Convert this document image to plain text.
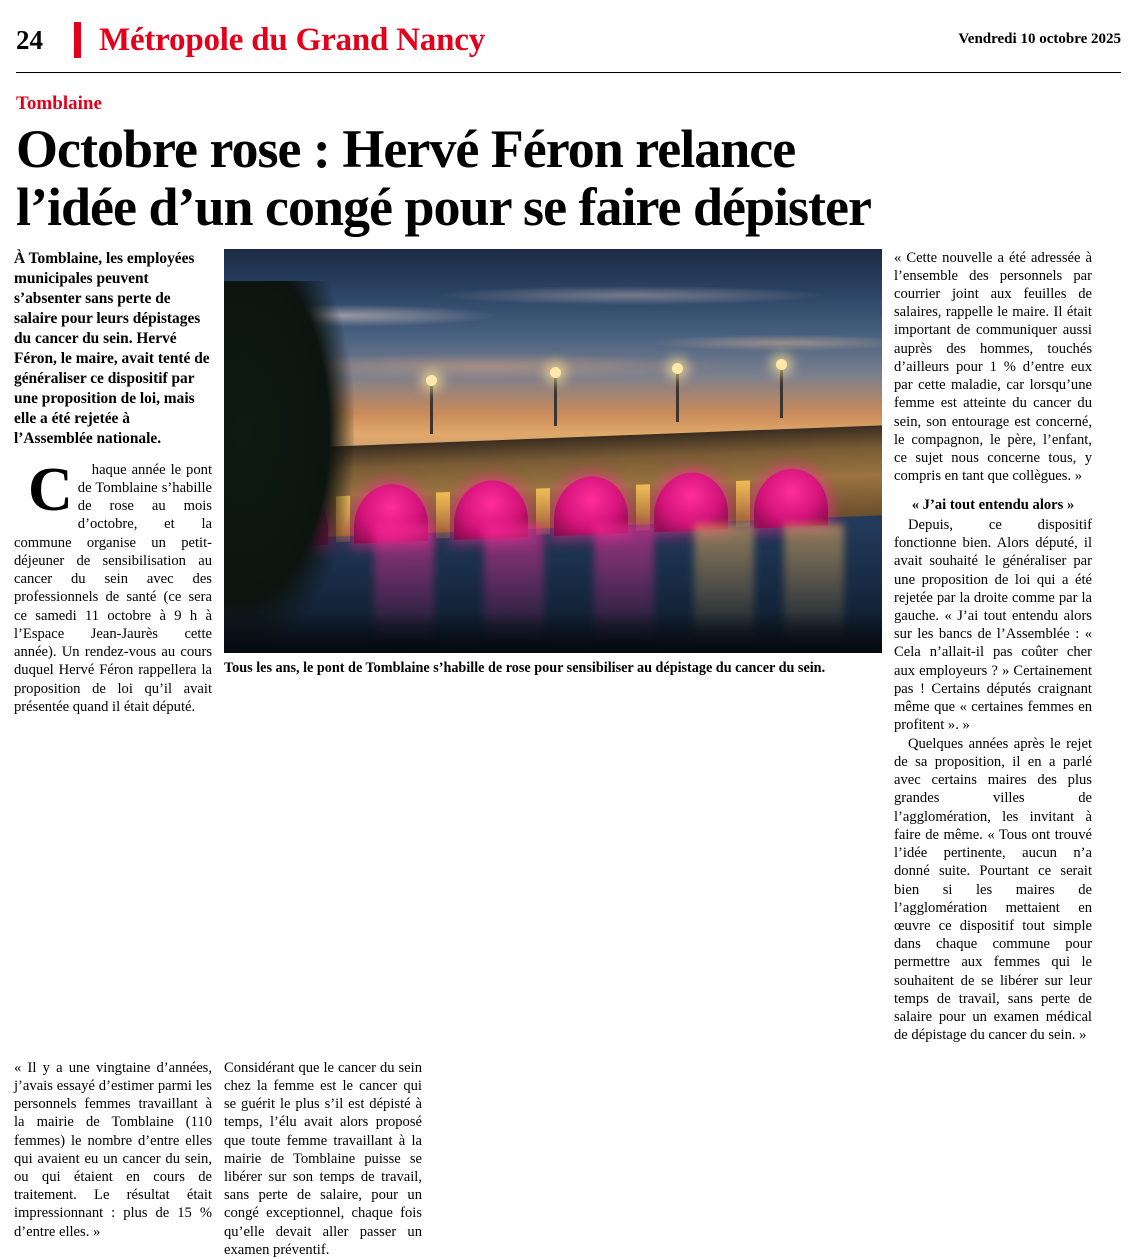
24	Métropole du Grand Nancy	Vendredi 10 octobre 2025
Tomblaine
Octobre rose : Hervé Féron relance
l’idée d’un congé pour se faire dépister

À Tomblaine, les employées municipales peuvent s’absenter sans perte de salaire pour leurs dépistages du cancer du sein. Hervé Féron, le maire, avait tenté de généraliser ce dispositif par une proposition de loi, mais elle a été rejetée à l’Assemblée nationale.

C	haque année le pont de Tomblaine s’habille de rose au mois d’octobre, et la commune organise un petit-déjeuner de sensibilisation au cancer du sein avec des professionnels de santé (ce sera ce samedi 11 octobre à 9 h à l’Espace Jean-Jaurès cette année). Un rendez-vous au cours duquel Hervé Féron rappellera la proposition de loi qu’il avait présentée quand il était député.

Tous les ans, le pont de Tomblaine s’habille de rose pour sensibiliser au dépistage du cancer du sein.

« Cette nouvelle a été adressée à l’ensemble des personnels par courrier joint aux feuilles de salaires, rappelle le maire. Il était important de communiquer aussi auprès des hommes, touchés d’ailleurs pour 1 % d’entre eux par cette maladie, car lorsqu’une femme est atteinte du cancer du sein, son entourage est concerné, le compagnon, le père, l’enfant, ce sujet nous concerne tous, y compris en tant que collègues. »

« J’ai tout entendu alors »

Depuis, ce dispositif fonctionne bien. Alors député, il avait souhaité le généraliser par une proposition de loi qui a été rejetée par la droite comme par la gauche. « J’ai tout entendu alors sur les bancs de l’Assemblée : « Cela n’allait-il pas coûter cher aux employeurs ? » Certainement pas ! Certains députés craignant même que « certaines femmes en profitent ». »

Quelques années après le rejet de sa proposition, il en a parlé avec certains maires des plus grandes villes de l’agglomération, les invitant à faire de même. « Tous ont trouvé l’idée pertinente, aucun n’a donné suite. Pourtant ce serait bien si les maires de l’agglomération mettaient en œuvre ce dispositif tout simple dans chaque commune pour permettre aux femmes qui le souhaitent de se libérer sur leur temps de travail, sans perte de salaire pour un examen médical de dépistage du cancer du sein. »

« Il y a une vingtaine d’années, j’avais essayé d’estimer parmi les personnels femmes travaillant à la mairie de Tomblaine (110 femmes) le nombre d’entre elles qui avaient eu un cancer du sein, ou qui étaient en cours de traitement. Le résultat était impressionnant : plus de 15 % d’entre elles. »

Considérant que le cancer du sein chez la femme est le cancer qui se guérit le plus s’il est dépisté à temps, l’élu avait alors proposé que toute femme travaillant à la mairie de Tomblaine puisse se libérer sur son temps de travail, sans perte de salaire, pour un congé exceptionnel, chaque fois qu’elle devait aller passer un examen préventif.
